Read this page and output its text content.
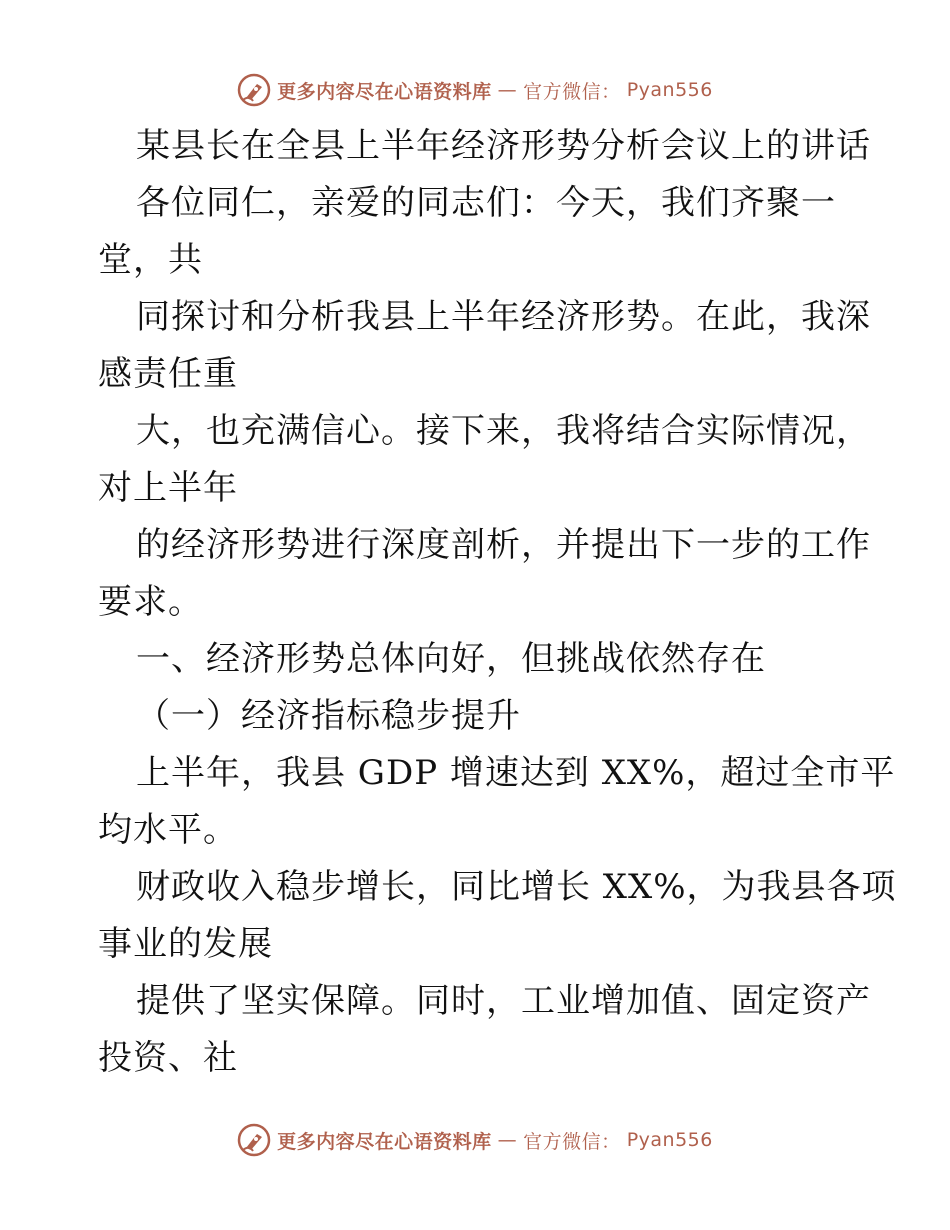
更多内容尽在心语资料库 — 官方微信： Pyan556
某县长在全县上半年经济形势分析会议上的讲话
各位同仁，亲爱的同志们：今天，我们齐聚一
堂，共
同探讨和分析我县上半年经济形势。在此，我深
感责任重
大，也充满信心。接下来，我将结合实际情况，
对上半年
的经济形势进行深度剖析，并提出下一步的工作
要求。
一、经济形势总体向好，但挑战依然存在
（一）经济指标稳步提升
上半年，我县 GDP 增速达到 XX%，超过全市平
均水平。
财政收入稳步增长，同比增长 XX%，为我县各项
事业的发展
提供了坚实保障。同时，工业增加值、固定资产
投资、社
更多内容尽在心语资料库 — 官方微信： Pyan556
